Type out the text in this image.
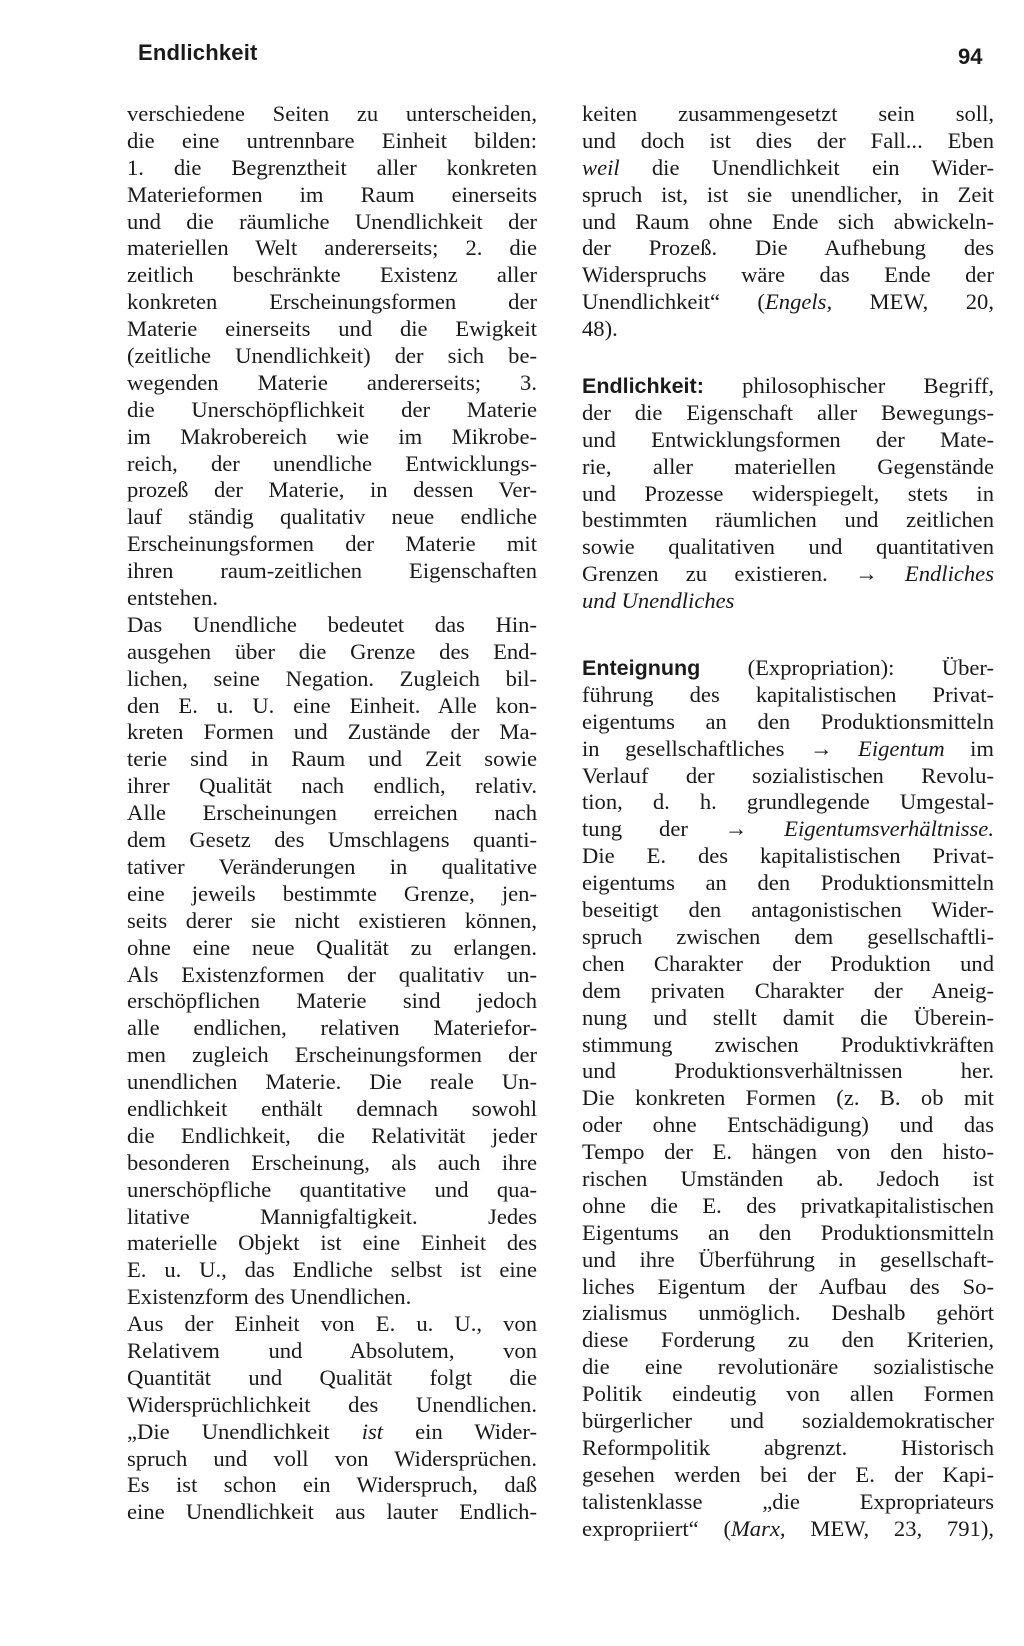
Endlichkeit	94
verschiedene Seiten zu unterscheiden,
die eine untrennbare Einheit bilden:
1. die Begrenztheit aller konkreten
Materieformen im Raum einerseits
und die räumliche Unendlichkeit der
materiellen Welt andererseits; 2. die
zeitlich beschränkte Existenz aller
konkreten Erscheinungsformen der
Materie einerseits und die Ewigkeit
(zeitliche Unendlichkeit) der sich be-
wegenden Materie andererseits; 3.
die Unerschöpflichkeit der Materie
im Makrobereich wie im Mikrobe-
reich, der unendliche Entwicklungs-
prozeß der Materie, in dessen Ver-
lauf ständig qualitativ neue endliche
Erscheinungsformen der Materie mit
ihren raum-zeitlichen Eigenschaften
entstehen.
Das Unendliche bedeutet das Hin-
ausgehen über die Grenze des End-
lichen, seine Negation. Zugleich bil-
den E. u. U. eine Einheit. Alle kon-
kreten Formen und Zustände der Ma-
terie sind in Raum und Zeit sowie
ihrer Qualität nach endlich, relativ.
Alle Erscheinungen erreichen nach
dem Gesetz des Umschlagens quanti-
tativer Veränderungen in qualitative
eine jeweils bestimmte Grenze, jen-
seits derer sie nicht existieren können,
ohne eine neue Qualität zu erlangen.
Als Existenzformen der qualitativ un-
erschöpflichen Materie sind jedoch
alle endlichen, relativen Materiefor-
men zugleich Erscheinungsformen der
unendlichen Materie. Die reale Un-
endlichkeit enthält demnach sowohl
die Endlichkeit, die Relativität jeder
besonderen Erscheinung, als auch ihre
unerschöpfliche quantitative und qua-
litative Mannigfaltigkeit. Jedes
materielle Objekt ist eine Einheit des
E. u. U., das Endliche selbst ist eine
Existenzform des Unendlichen.
Aus der Einheit von E. u. U., von
Relativem und Absolutem, von
Quantität und Qualität folgt die
Widersprüchlichkeit des Unendlichen.
„Die Unendlichkeit ist ein Wider-
spruch und voll von Widersprüchen.
Es ist schon ein Widerspruch, daß
eine Unendlichkeit aus lauter Endlich-
keiten zusammengesetzt sein soll,
und doch ist dies der Fall... Eben
weil die Unendlichkeit ein Wider-
spruch ist, ist sie unendlicher, in Zeit
und Raum ohne Ende sich abwickeln-
der Prozeß. Die Aufhebung des
Widerspruchs wäre das Ende der
Unendlichkeit“ (Engels, MEW, 20,
48).
Endlichkeit: philosophischer Begriff,
der die Eigenschaft aller Bewegungs-
und Entwicklungsformen der Mate-
rie, aller materiellen Gegenstände
und Prozesse widerspiegelt, stets in
bestimmten räumlichen und zeitlichen
sowie qualitativen und quantitativen
Grenzen zu existieren. → Endliches
und Unendliches
Enteignung (Expropriation): Über-
führung des kapitalistischen Privat-
eigentums an den Produktionsmitteln
in gesellschaftliches → Eigentum im
Verlauf der sozialistischen Revolu-
tion, d. h. grundlegende Umgestal-
tung der → Eigentumsverhältnisse.
Die E. des kapitalistischen Privat-
eigentums an den Produktionsmitteln
beseitigt den antagonistischen Wider-
spruch zwischen dem gesellschaftli-
chen Charakter der Produktion und
dem privaten Charakter der Aneig-
nung und stellt damit die Überein-
stimmung zwischen Produktivkräften
und Produktionsverhältnissen her.
Die konkreten Formen (z. B. ob mit
oder ohne Entschädigung) und das
Tempo der E. hängen von den histo-
rischen Umständen ab. Jedoch ist
ohne die E. des privatkapitalistischen
Eigentums an den Produktionsmitteln
und ihre Überführung in gesellschaft-
liches Eigentum der Aufbau des So-
zialismus unmöglich. Deshalb gehört
diese Forderung zu den Kriterien,
die eine revolutionäre sozialistische
Politik eindeutig von allen Formen
bürgerlicher und sozialdemokratischer
Reformpolitik abgrenzt. Historisch
gesehen werden bei der E. der Kapi-
talistenklasse „die Expropriateurs
expropriiert“ (Marx, MEW, 23, 791),
